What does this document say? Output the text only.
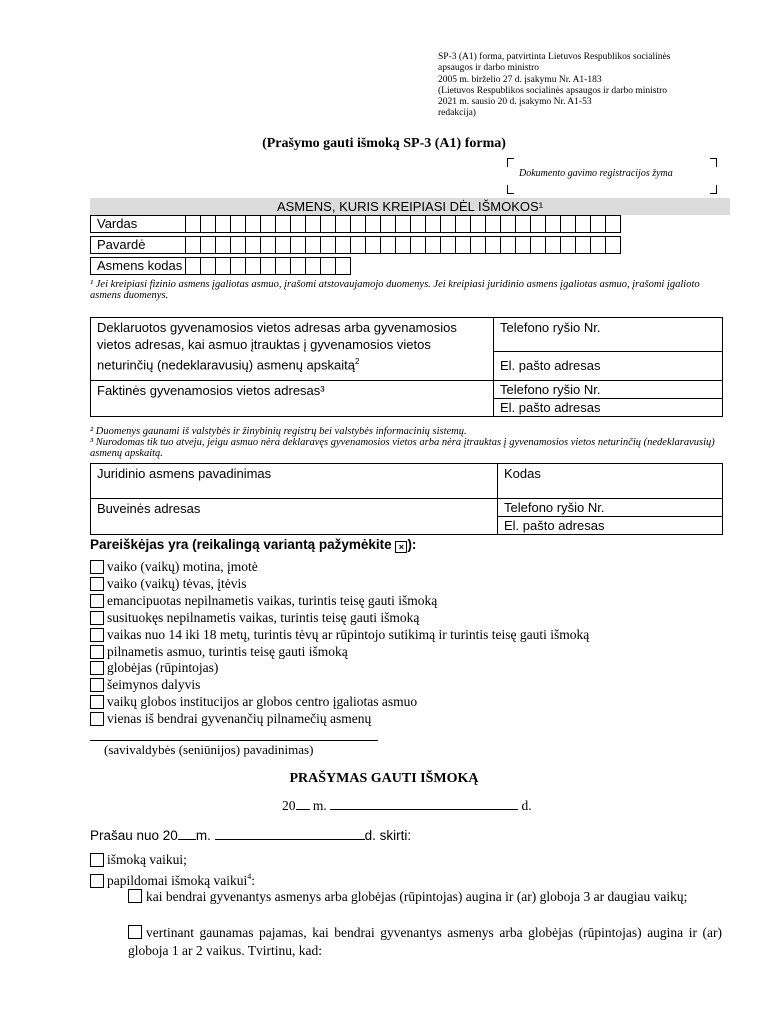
SP-3 (A1) forma, patvirtinta Lietuvos Respublikos socialinės
apsaugos ir darbo ministro
2005 m. birželio 27 d. įsakymu Nr. A1-183
(Lietuvos Respublikos socialinės apsaugos ir darbo ministro
2021 m. sausio 20 d. įsakymo Nr. A1-53
redakcija)
(Prašymo gauti išmoką SP-3 (A1) forma)
Dokumento gavimo registracijos žyma
ASMENS, KURIS KREIPIASI DĖL IŠMOKOS¹
Vardas
Pavardė
Asmens kodas
¹ Jei kreipiasi fizinio asmens įgaliotas asmuo, įrašomi atstovaujamojo duomenys. Jei kreipiasi juridinio asmens įgaliotas asmuo, įrašomi įgalioto asmens duomenys.
Deklaruotos gyvenamosios vietos adresas arba gyvenamosios vietos adresas, kai asmuo įtrauktas į gyvenamosios vietos neturinčių (nedeklaravusių) asmenų apskaitą$^2$	Telefono ryšio Nr.
	El. pašto adresas
Faktinės gyvenamosios vietos adresas³	Telefono ryšio Nr.
	El. pašto adresas
² Duomenys gaunami iš valstybės ir žinybinių registrų bei valstybės informacinių sistemų.
³ Nurodomas tik tuo atveju, jeigu asmuo nėra deklaravęs gyvenamosios vietos arba nėra įtrauktas į gyvenamosios vietos neturinčių (nedeklaravusių) asmenų apskaitą.
Juridinio asmens pavadinimas	Kodas
Buveinės adresas	Telefono ryšio Nr.
	El. pašto adresas
Pareiškėjas yra (reikalingą variantą pažymėkite × ):
vaiko (vaikų) motina, įmotė
vaiko (vaikų) tėvas, įtėvis
emancipuotas nepilnametis vaikas, turintis teisę gauti išmoką
susituokęs nepilnametis vaikas, turintis teisę gauti išmoką
vaikas nuo 14 iki 18 metų, turintis tėvų ar rūpintojo sutikimą ir turintis teisę gauti išmoką
pilnametis asmuo, turintis teisę gauti išmoką
globėjas (rūpintojas)
šeimynos dalyvis
vaikų globos institucijos ar globos centro įgaliotas asmuo
vienas iš bendrai gyvenančių pilnamečių asmenų
(savivaldybės (seniūnijos) pavadinimas)
PRAŠYMAS GAUTI IŠMOKĄ
20 m.	d.
Prašau nuo 20 m.	d. skirti:
išmoką vaikui;
papildomai išmoką vaikui$^4$ :
kai bendrai gyvenantys asmenys arba globėjas (rūpintojas) augina ir (ar) globoja 3 ar daugiau vaikų;
vertinant gaunamas pajamas, kai bendrai gyvenantys asmenys arba globėjas (rūpintojas) augina ir (ar) globoja 1 ar 2 vaikus. Tvirtinu, kad:
